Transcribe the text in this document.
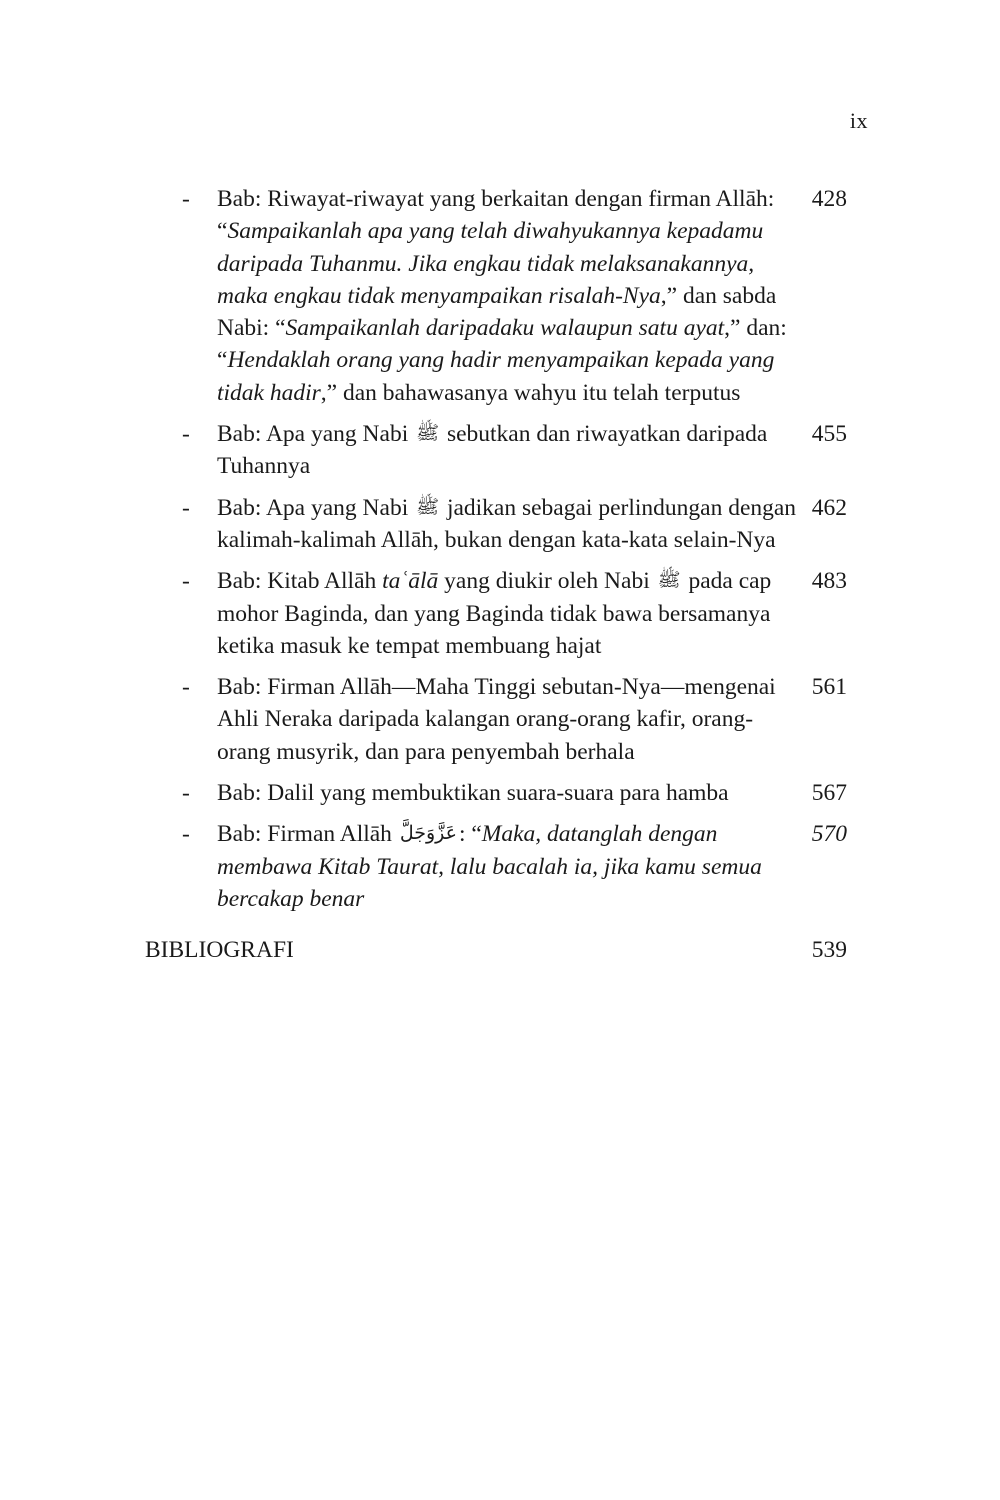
ix
- Bab: Riwayat-riwayat yang berkaitan dengan firman Allāh: “Sampaikanlah apa yang telah diwahyukannya kepadamu daripada Tuhanmu. Jika engkau tidak melaksanakannya, maka engkau tidak menyampaikan risalah-Nya,” dan sabda Nabi: “Sampaikanlah daripadaku walaupun satu ayat,” dan: “Hendaklah orang yang hadir menyampaikan kepada yang tidak hadir,” dan bahawasanya wahyu itu telah terputus
428
- Bab: Apa yang Nabi ﷺ sebutkan dan riwayatkan daripada Tuhannya
455
- Bab: Apa yang Nabi ﷺ jadikan sebagai perlindungan dengan kalimah-kalimah Allāh, bukan dengan kata-kata selain-Nya
462
- Bab: Kitab Allāh taʿālā yang diukir oleh Nabi ﷺ pada cap mohor Baginda, dan yang Baginda tidak bawa bersamanya ketika masuk ke tempat membuang hajat
483
- Bab: Firman Allāh—Maha Tinggi sebutan-Nya—mengenai Ahli Neraka daripada kalangan orang-orang kafir, orang-orang musyrik, dan para penyembah berhala
561
- Bab: Dalil yang membuktikan suara-suara para hamba	567
- Bab: Firman Allāh عَزَّوَجَلَّ: “Maka, datanglah dengan membawa Kitab Taurat, lalu bacalah ia, jika kamu semua bercakap benar
570
BIBLIOGRAFI	539
